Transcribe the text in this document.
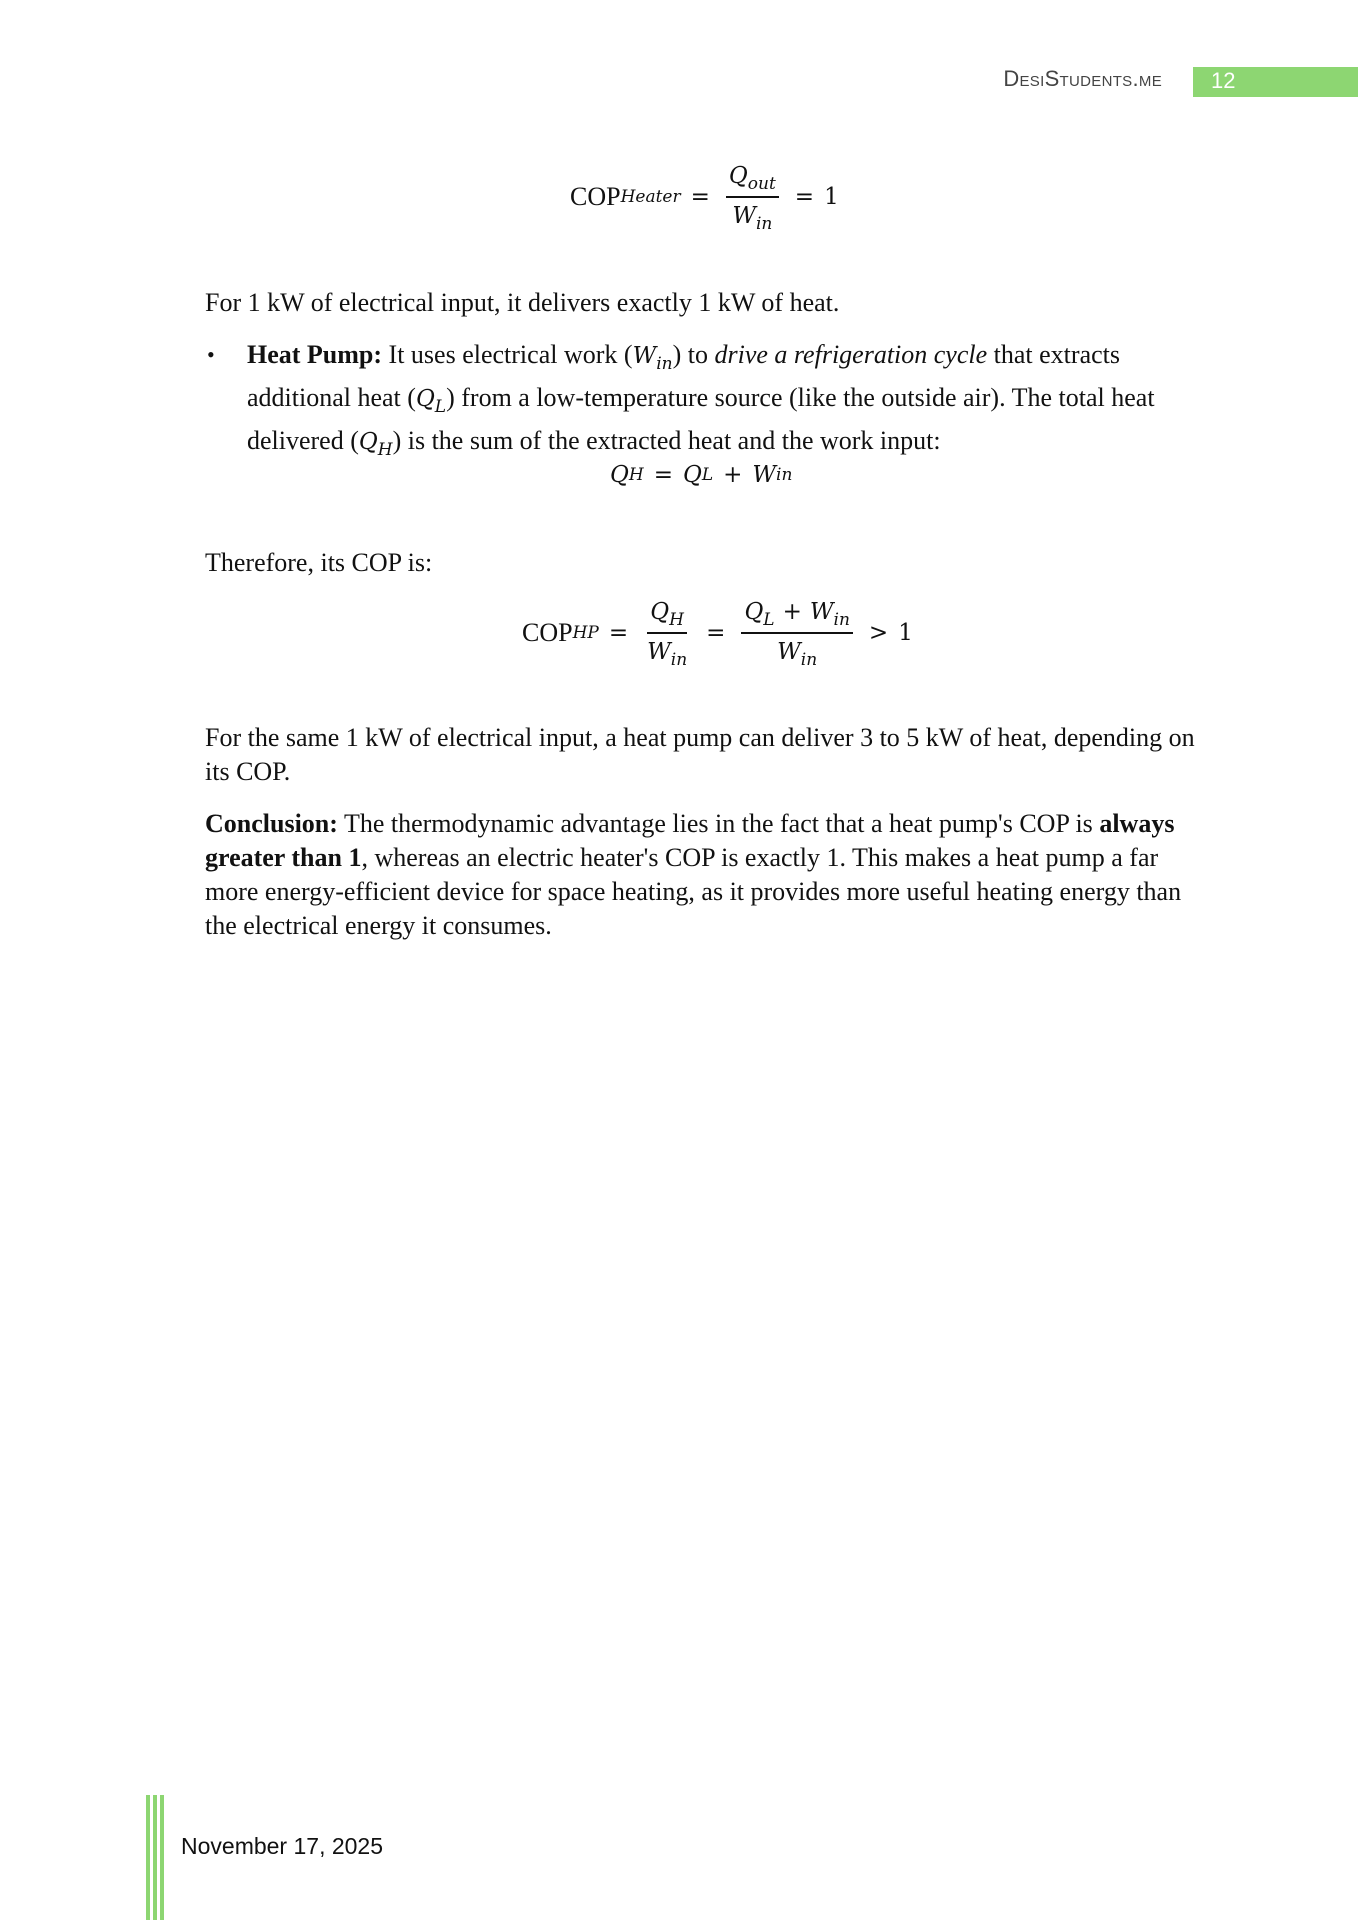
DesiStudents.me 12
COP Heater = $\frac{Q_{out}}{W_{in}} = 1$
For 1 kW of electrical input, it delivers exactly 1 kW of heat.
• Heat Pump: It uses electrical work $(W_{in})$ to drive a refrigeration cycle that extracts additional heat $(Q_L)$ from a low-temperature source (like the outside air). The total heat delivered $(Q_H)$ is the sum of the extracted heat and the work input:
Q H = Q L + W in
Therefore, its COP is:
COP HP = $\frac{Q_H}{W_{in}} = \frac{Q_L + W_{in}}{W_{in}} > 1$
For the same 1 kW of electrical input, a heat pump can deliver 3 to 5 kW of heat, depending on its COP.
Conclusion: The thermodynamic advantage lies in the fact that a heat pump's COP is always greater than 1, whereas an electric heater's COP is exactly 1. This makes a heat pump a far more energy-efficient device for space heating, as it provides more useful heating energy than the electrical energy it consumes.
November 17, 2025
